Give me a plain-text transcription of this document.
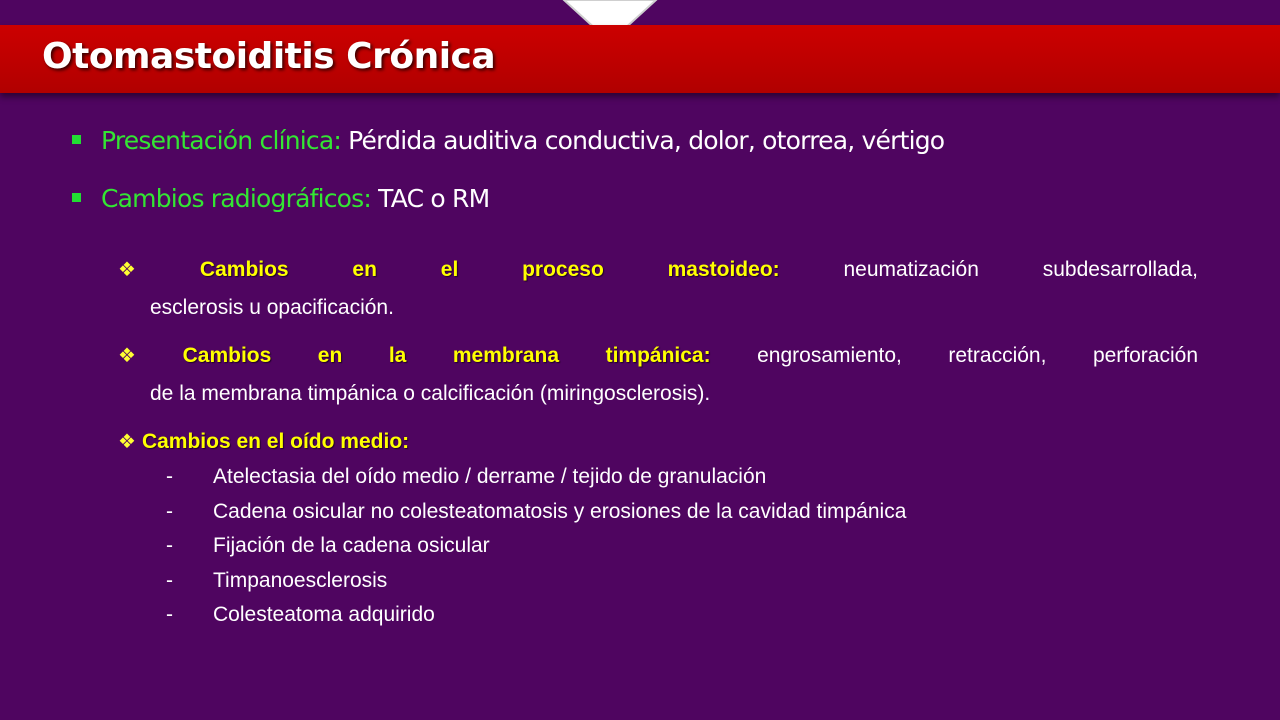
Otomastoiditis Crónica
Presentación clínica: Pérdida auditiva conductiva, dolor, otorrea, vértigo
Cambios radiográficos: TAC o RM
❖ Cambios en el proceso mastoideo: neumatización subdesarrollada,
esclerosis u opacificación.
❖ Cambios en la membrana timpánica: engrosamiento, retracción, perforación
de la membrana timpánica o calcificación (miringosclerosis).
❖ Cambios en el oído medio:
-	Atelectasia del oído medio / derrame / tejido de granulación
-	Cadena osicular no colesteatomatosis y erosiones de la cavidad timpánica
-	Fijación de la cadena osicular
-	Timpanoesclerosis
-	Colesteatoma adquirido
